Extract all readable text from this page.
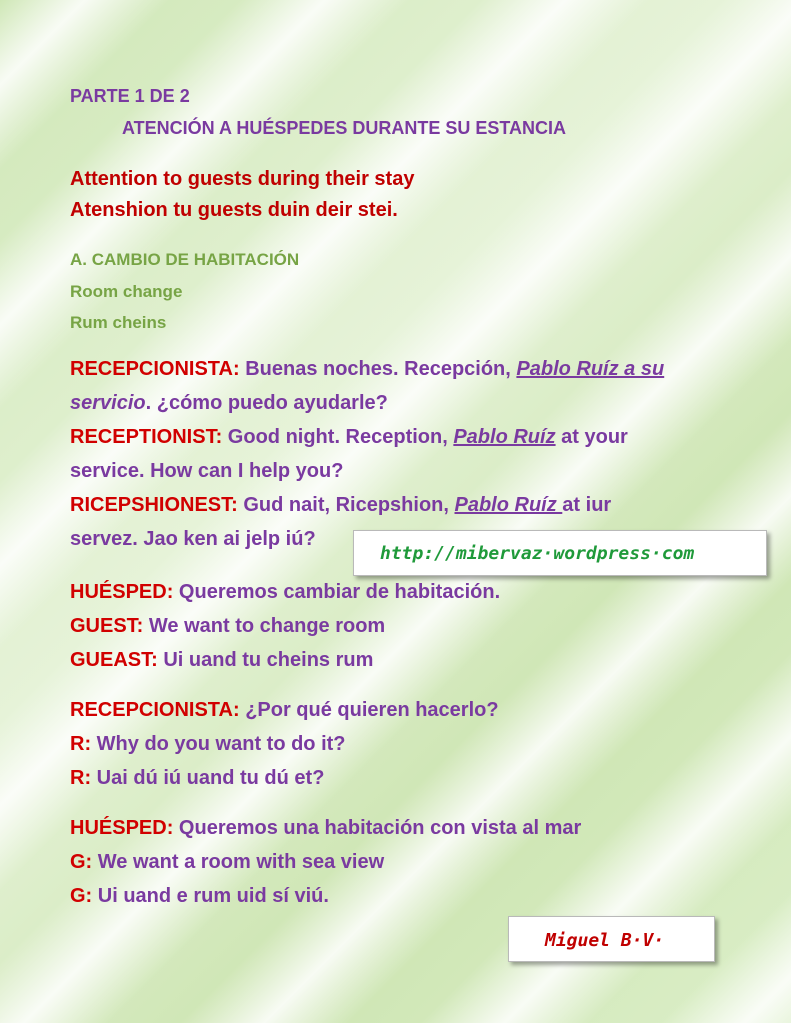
PARTE 1 DE 2
ATENCIÓN A HUÉSPEDES DURANTE SU ESTANCIA
Attention to guests during their stay
Atenshion tu guests duin deir stei.
A. CAMBIO DE HABITACIÓN
Room change
Rum cheins
RECEPCIONISTA: Buenas noches. Recepción, Pablo Ruíz a su
servicio. ¿cómo puedo ayudarle?
RECEPTIONIST: Good night. Reception, Pablo Ruíz at your
service. How can I help you?
RICEPSHIONEST: Gud nait, Ricepshion, Pablo Ruíz at iur
servez. Jao ken ai jelp iú?
HUÉSPED: Queremos cambiar de habitación.
GUEST: We want to change room
GUEAST: Ui uand tu cheins rum
RECEPCIONISTA: ¿Por qué quieren hacerlo?
R: Why do you want to do it?
R: Uai dú iú uand tu dú et?
HUÉSPED: Queremos una habitación con vista al mar
G: We want a room with sea view
G: Ui uand e rum uid sí viú.
http://mibervaz·wordpress·com
Miguel B·V·
